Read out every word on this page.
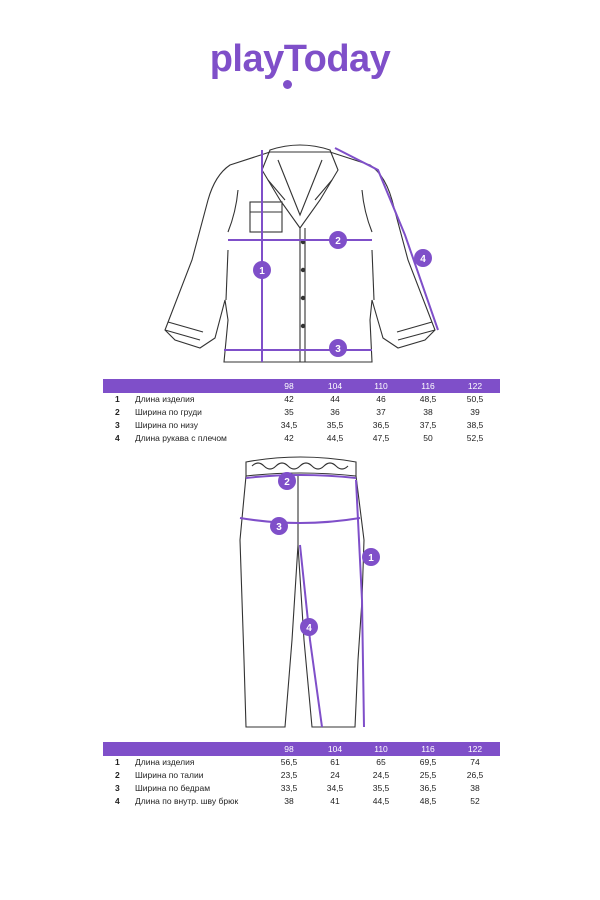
playToday
1
2
3
4
98	104	110	116	122
1	Длина изделия	42	44	46	48,5	50,5
2	Ширина по груди	35	36	37	38	39
3	Ширина по низу	34,5	35,5	36,5	37,5	38,5
4	Длина рукава с плечом	42	44,5	47,5	50	52,5
1
2
3
4
98	104	110	116	122
1	Длина изделия	56,5	61	65	69,5	74
2	Ширина по талии	23,5	24	24,5	25,5	26,5
3	Ширина по бедрам	33,5	34,5	35,5	36,5	38
4	Длина по внутр. шву брюк	38	41	44,5	48,5	52
